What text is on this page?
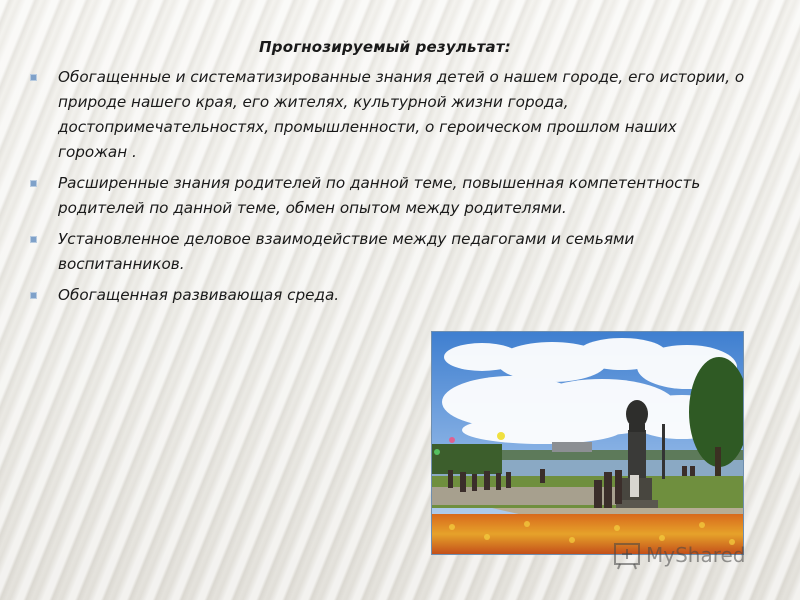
Прогнозируемый результат:
Обогащенные и систематизированные знания детей о нашем городе, его истории, о природе нашего края, его жителях, культурной жизни города, достопримечательностях, промышленности, о героическом прошлом наших горожан .
Расширенные знания родителей по данной теме, повышенная компетентность родителей по данной теме, обмен опытом между родителями.
Установленное деловое взаимодействие между педагогами и семьями воспитанников.
Обогащенная развивающая среда.
MyShared
